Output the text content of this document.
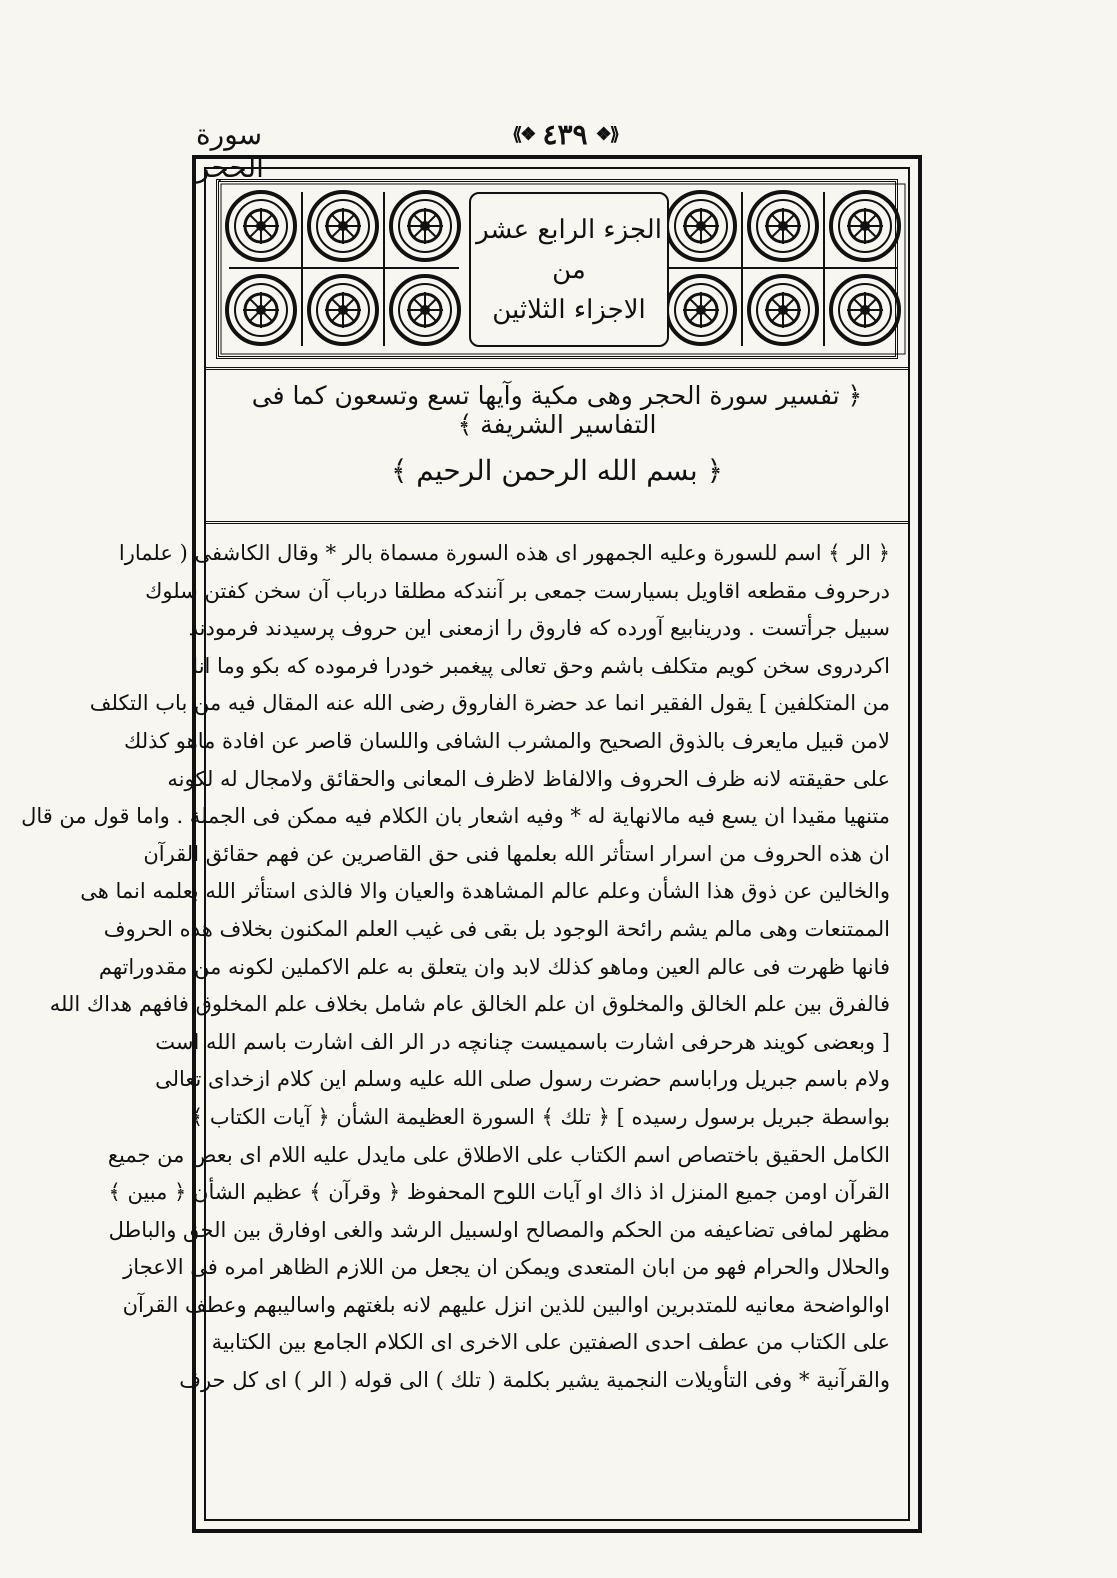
⟪❖
٤٣٩
❖⟫
سورة الحجر
الجزء الرابع عشر
من
الاجزاء الثلاثين
﴿ تفسير سورة الحجر وهى مكية وآيها تسع وتسعون كما فى التفاسير الشريفة ﴾
﴿ بسم الله الرحمن الرحيم ﴾
﴿ الر ﴾ اسم للسورة وعليه الجمهور اى هذه السورة مسماة بالر * وقال الكاشفى ( علمارا
درحروف مقطعه اقاويل بسيارست جمعى بر آنندكه مطلقا درباب آن سخن كفتن سلوك
سبيل جرأتست . ودرينابيع آورده كه فاروق را ازمعنى اين حروف پرسيدند فرمودند
اكردروى سخن كويم متكلف باشم وحق تعالى پيغمبر خودرا فرموده كه بكو وما انا
من المتكلفين ] يقول الفقير انما عد حضرة الفاروق رضى الله عنه المقال فيه من باب التكلف
لامن قبيل مايعرف بالذوق الصحيح والمشرب الشافى واللسان قاصر عن افادة ماهو كذلك
على حقيقته لانه ظرف الحروف والالفاظ لاظرف المعانى والحقائق ولامجال له لكونه
متنهيا مقيدا ان يسع فيه مالانهاية له * وفيه اشعار بان الكلام فيه ممكن فى الجملة . واما قول من قال
ان هذه الحروف من اسرار استأثر الله بعلمها فنى حق القاصرين عن فهم حقائق القرآن
والخالين عن ذوق هذا الشأن وعلم عالم المشاهدة والعيان والا فالذى استأثر الله بعلمه انما هى
الممتنعات وهى مالم يشم رائحة الوجود بل بقى فى غيب العلم المكنون بخلاف هذه الحروف
فانها ظهرت فى عالم العين وماهو كذلك لابد وان يتعلق به علم الاكملين لكونه من مقدوراتهم
فالفرق بين علم الخالق والمخلوق ان علم الخالق عام شامل بخلاف علم المخلوق فافهم هداك الله
[ وبعضى كويند هرحرفى اشارت باسميست چنانچه در الر الف اشارت باسم الله است
ولام باسم جبريل وراباسم حضرت رسول صلى الله عليه وسلم اين كلام ازخداى تعالى
بواسطة جبريل برسول رسيده ] ﴿ تلك ﴾ السورة العظيمة الشأن ﴿ آيات الكتاب ﴾
الكامل الحقيق باختصاص اسم الكتاب على الاطلاق على مايدل عليه اللام اى بعض من جميع
القرآن اومن جميع المنزل اذ ذاك او آيات اللوح المحفوظ ﴿ وقرآن ﴾ عظيم الشأن ﴿ مبين ﴾
مظهر لمافى تضاعيفه من الحكم والمصالح اولسبيل الرشد والغى اوفارق بين الحق والباطل
والحلال والحرام فهو من ابان المتعدى ويمكن ان يجعل من اللازم الظاهر امره فى الاعجاز
اوالواضحة معانيه للمتدبرين اوالبين للذين انزل عليهم لانه بلغتهم واساليبهم وعطف القرآن
على الكتاب من عطف احدى الصفتين على الاخرى اى الكلام الجامع بين الكتابية
والقرآنية * وفى التأويلات النجمية يشير بكلمة ( تلك ) الى قوله ( الر ) اى كل حرف
